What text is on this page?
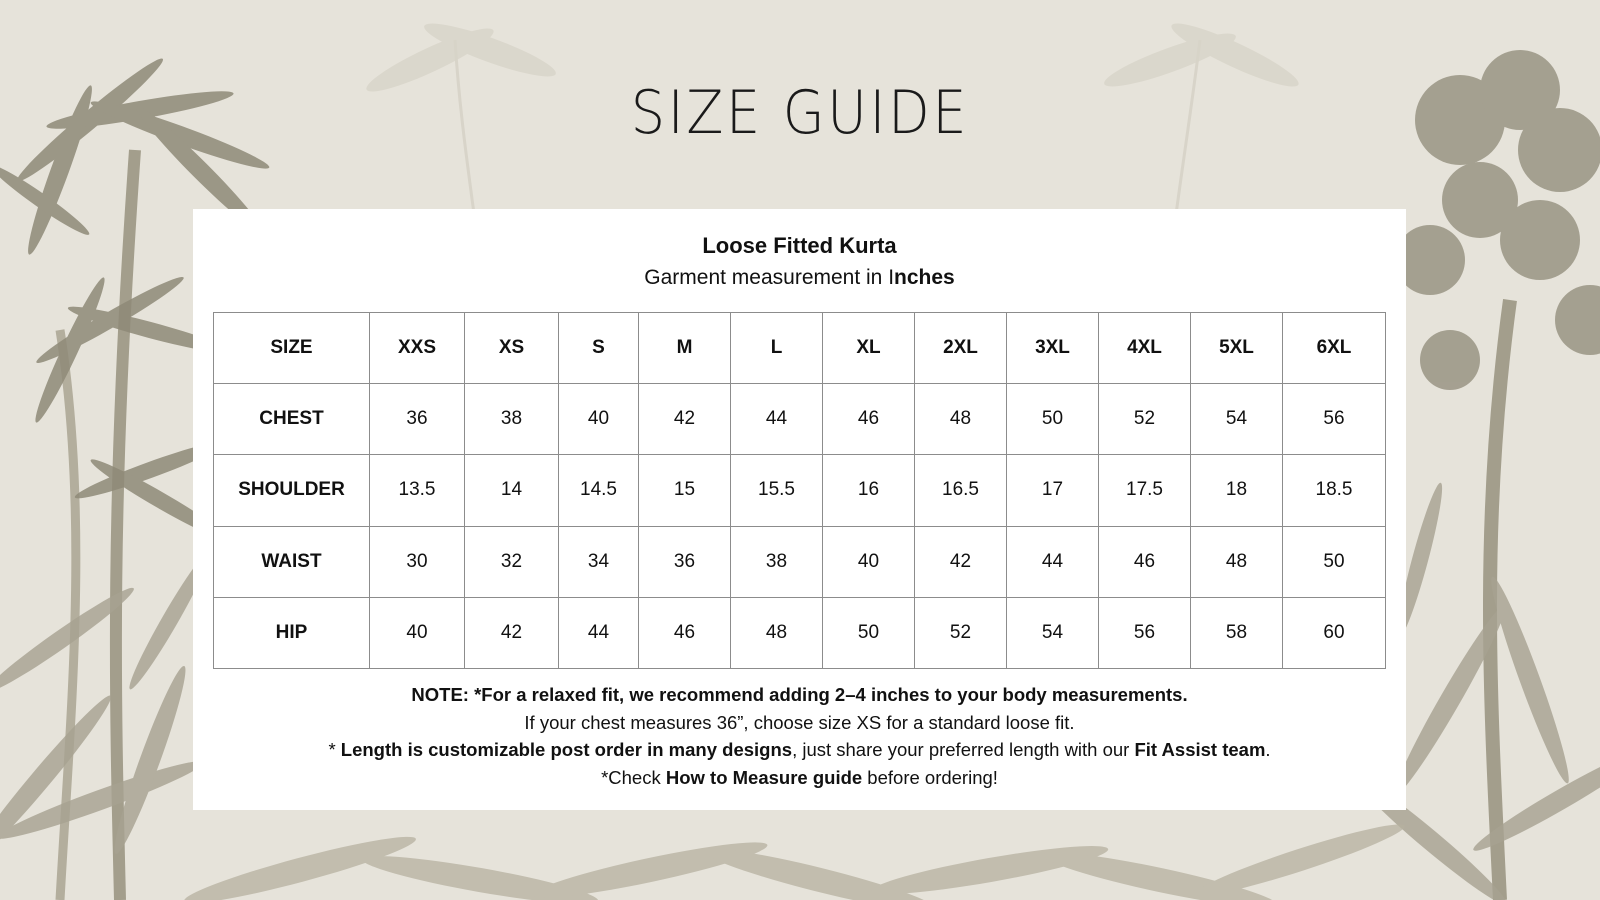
SIZE GUIDE
Loose Fitted Kurta
Garment measurement in Inches
SIZE	XXS	XS	S	M	L	XL	2XL	3XL	4XL	5XL	6XL
CHEST	36	38	40	42	44	46	48	50	52	54	56
SHOULDER	13.5	14	14.5	15	15.5	16	16.5	17	17.5	18	18.5
WAIST	30	32	34	36	38	40	42	44	46	48	50
HIP	40	42	44	46	48	50	52	54	56	58	60
NOTE: *For a relaxed fit, we recommend adding 2–4 inches to your body measurements.
If your chest measures 36”, choose size XS for a standard loose fit.
* Length is customizable post order in many designs, just share your preferred length with our Fit Assist team.
*Check How to Measure guide before ordering!
